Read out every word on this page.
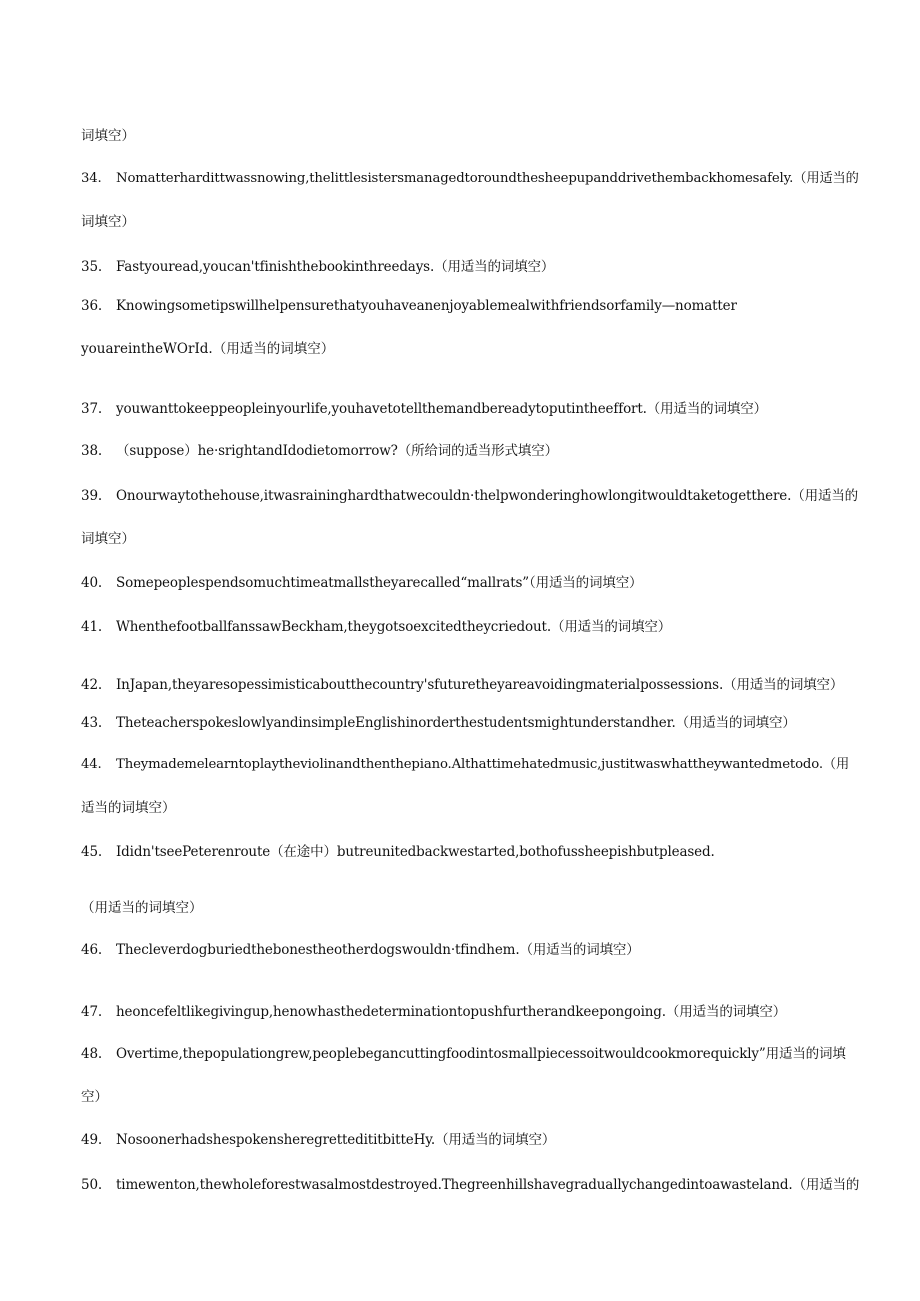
词填空）
34. Nomatterhardittwassnowing,thelittlesistersmanagedtoroundthesheepupanddrivethembackhomesafely.（用适当的
词填空）
35. Fastyouread,youcan'tfinishthebookinthreedays.（用适当的词填空）
36. Knowingsometipswillhelpensurethatyouhaveanenjoyablemealwithfriendsorfamily—nomatter
youareintheWOrId.（用适当的词填空）
37. youwanttokeeppeopleinyourlife,youhavetotellthemandbereadytoputintheeffort.（用适当的词填空）
38. （suppose）he·srightandIdodietomorrow?（所给词的适当形式填空）
39. Onourwaytothehouse,itwasraininghardthatwecouldn·thelpwonderinghowlongitwouldtaketogetthere.（用适当的
词填空）
40. Somepeoplespendsomuchtimeatmallstheyarecalled“mallrats”（用适当的词填空）
41. WhenthefootballfanssawBeckham,theygotsoexcitedtheycriedout.（用适当的词填空）
42. InJapan,theyaresopessimisticaboutthecountry'sfuturetheyareavoidingmaterialpossessions.（用适当的词填空）
43. TheteacherspokeslowlyandinsimpleEnglishinorderthestudentsmightunderstandher.（用适当的词填空）
44. Theymademelearntoplaytheviolinandthenthepiano.Althattimehatedmusic,justitwaswhattheywantedmetodo.（用
适当的词填空）
45. Ididn'tseePeterenroute（在途中）butreunitedbackwestarted,bothofussheepishbutpleased.
（用适当的词填空）
46. Thecleverdogburiedthebonestheotherdogswouldn·tfindhem.（用适当的词填空）
47. heoncefeltlikegivingup,henowhasthedeterminationtopushfurtherandkeepongoing.（用适当的词填空）
48. Overtime,thepopulationgrew,peoplebegancuttingfoodintosmallpiecessoitwouldcookmorequickly”用适当的词填
空）
49. NosoonerhadshespokensheregrettedititbitteHy.（用适当的词填空）
50. timewenton,thewholeforestwasalmostdestroyed.Thegreenhillshavegraduallychangedintoawasteland.（用适当的
